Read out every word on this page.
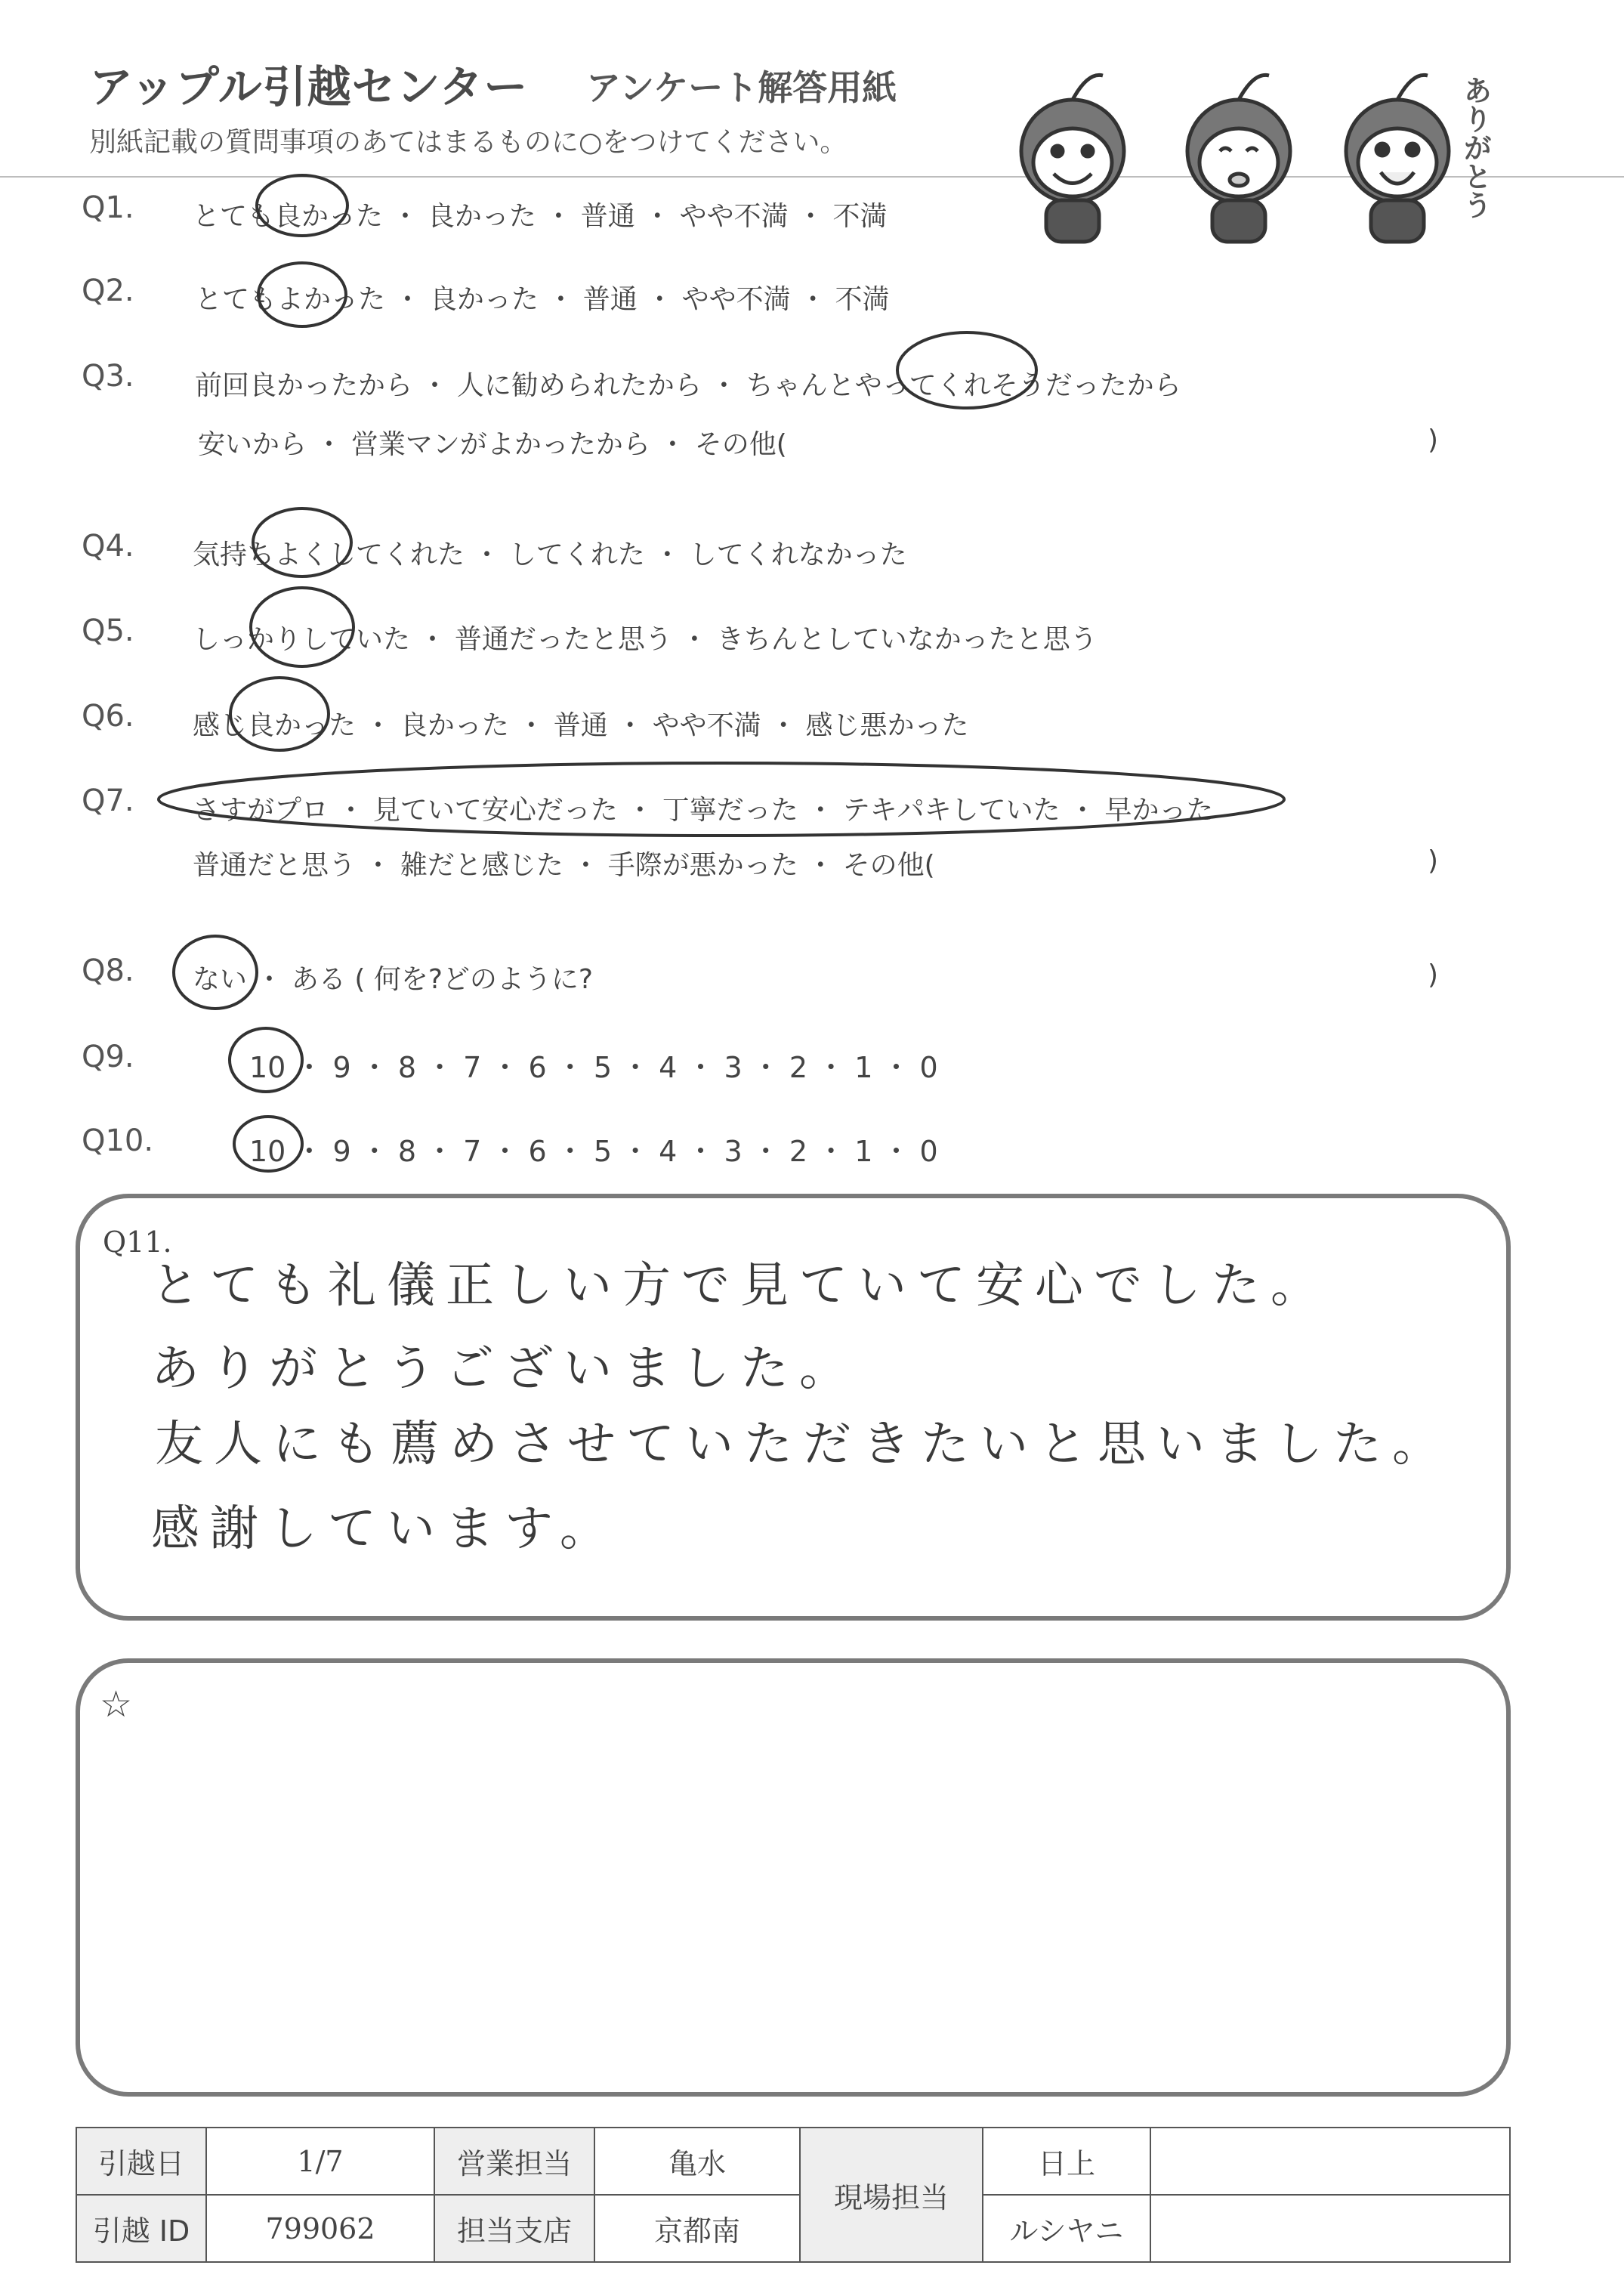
アップル引越センター アンケート解答用紙
別紙記載の質問事項のあてはまるものに○をつけてください。	ありがとう
Q1. とても良かった ・ 良かった ・ 普通 ・ やや不満 ・ 不満
Q2. とてもよかった ・ 良かった ・ 普通 ・ やや不満 ・ 不満
Q3. 前回良かったから ・ 人に勧められたから ・ ちゃんとやってくれそうだったから
安いから ・ 営業マンがよかったから ・ その他(	)
Q4. 気持ちよくしてくれた ・ してくれた ・ してくれなかった
Q5. しっかりしていた ・ 普通だったと思う ・ きちんとしていなかったと思う
Q6. 感じ良かった ・ 良かった ・ 普通 ・ やや不満 ・ 感じ悪かった
Q7. さすがプロ ・ 見ていて安心だった ・ 丁寧だった ・ テキパキしていた ・ 早かった
普通だと思う ・ 雑だと感じた ・ 手際が悪かった ・ その他(	)
Q8. ない ・ ある ( 何を?どのように?	)
Q9.	10 ・ 9 ・ 8 ・ 7 ・ 6 ・ 5 ・ 4 ・ 3 ・ 2 ・ 1 ・ 0
Q10.	10 ・ 9 ・ 8 ・ 7 ・ 6 ・ 5 ・ 4 ・ 3 ・ 2 ・ 1 ・ 0
Q11.
とても礼儀正しい方で見ていて安心でした。
ありがとうございました。
友人にも薦めさせていただきたいと思いました。
感謝しています。
☆
引越日	1/7	営業担当	亀水	現場担当	日上	
引越 ID	799062	担当支店	京都南		ルシヤニ	
